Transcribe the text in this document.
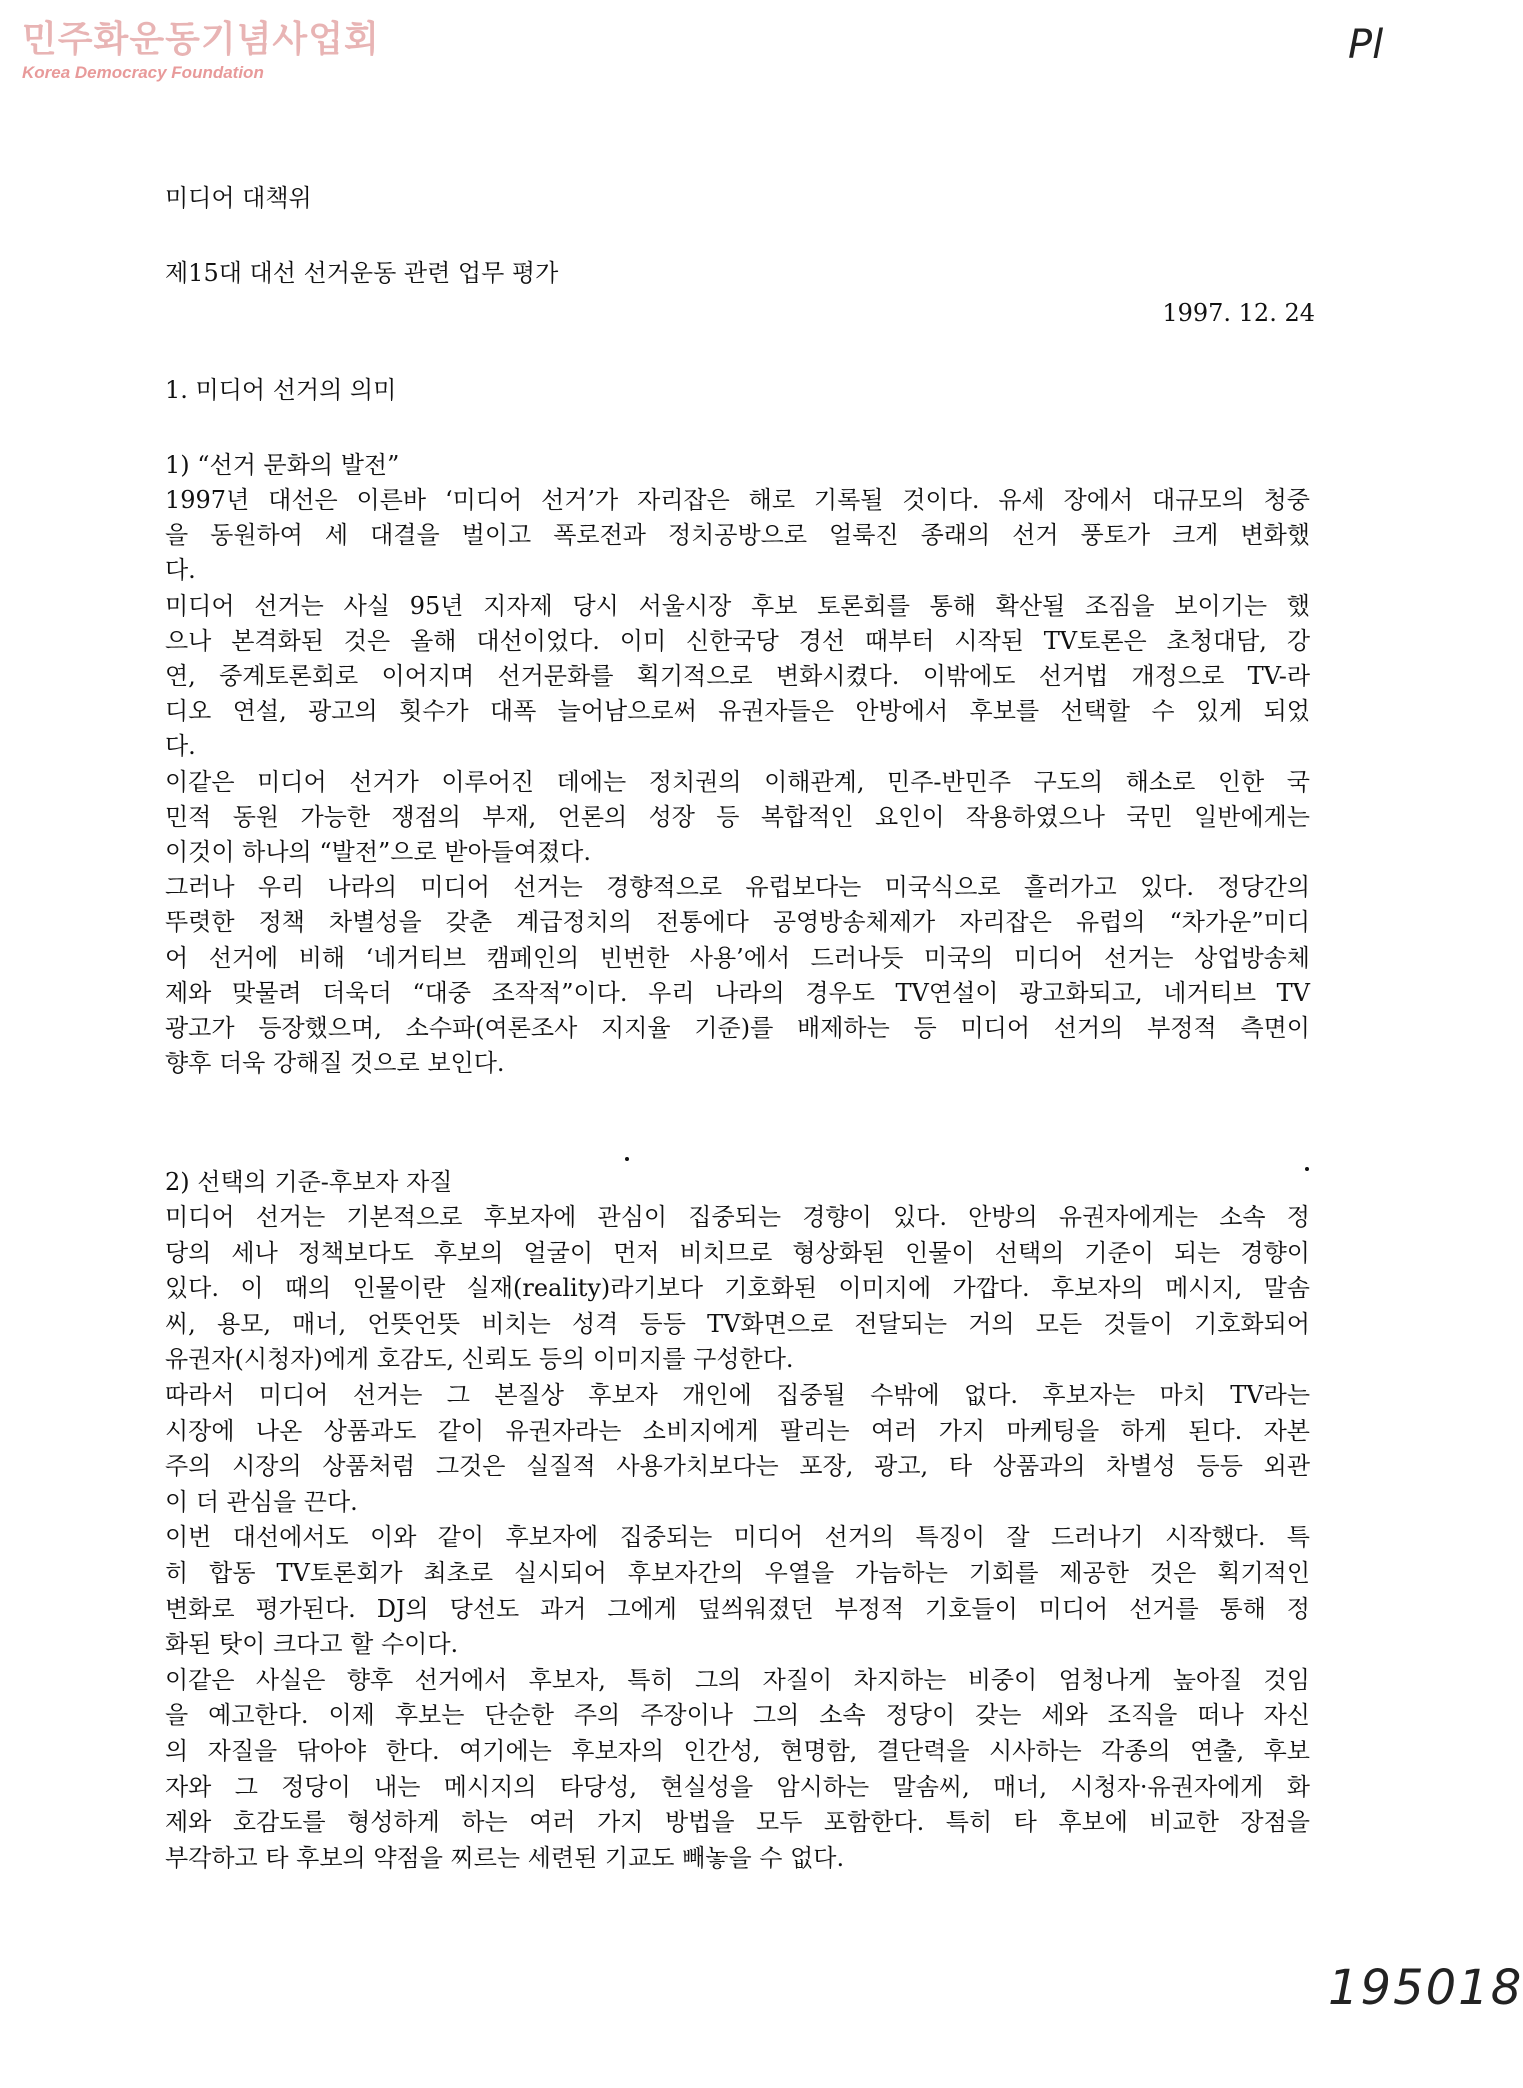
민주화운동기념사업회
Korea Democracy Foundation
Pl
미디어 대책위
제15대 대선 선거운동 관련 업무 평가
1997. 12. 24
1. 미디어 선거의 의미
1) “선거 문화의 발전”
1997년 대선은 이른바 ‘미디어 선거’가 자리잡은 해로 기록될 것이다. 유세 장에서 대규모의 청중
을 동원하여 세 대결을 벌이고 폭로전과 정치공방으로 얼룩진 종래의 선거 풍토가 크게 변화했
다.
미디어 선거는 사실 95년 지자제 당시 서울시장 후보 토론회를 통해 확산될 조짐을 보이기는 했
으나 본격화된 것은 올해 대선이었다. 이미 신한국당 경선 때부터 시작된 TV토론은 초청대담, 강
연, 중계토론회로 이어지며 선거문화를 획기적으로 변화시켰다. 이밖에도 선거법 개정으로 TV-라
디오 연설, 광고의 횟수가 대폭 늘어남으로써 유권자들은 안방에서 후보를 선택할 수 있게 되었
다.
이같은 미디어 선거가 이루어진 데에는 정치권의 이해관계, 민주-반민주 구도의 해소로 인한 국
민적 동원 가능한 쟁점의 부재, 언론의 성장 등 복합적인 요인이 작용하였으나 국민 일반에게는
이것이 하나의 “발전”으로 받아들여졌다.
그러나 우리 나라의 미디어 선거는 경향적으로 유럽보다는 미국식으로 흘러가고 있다. 정당간의
뚜렷한 정책 차별성을 갖춘 계급정치의 전통에다 공영방송체제가 자리잡은 유럽의 “차가운”미디
어 선거에 비해 ‘네거티브 캠페인의 빈번한 사용’에서 드러나듯 미국의 미디어 선거는 상업방송체
제와 맞물려 더욱더 “대중 조작적”이다. 우리 나라의 경우도 TV연설이 광고화되고, 네거티브 TV
광고가 등장했으며, 소수파(여론조사 지지율 기준)를 배제하는 등 미디어 선거의 부정적 측면이
향후 더욱 강해질 것으로 보인다.
2) 선택의 기준-후보자 자질
미디어 선거는 기본적으로 후보자에 관심이 집중되는 경향이 있다. 안방의 유권자에게는 소속 정
당의 세나 정책보다도 후보의 얼굴이 먼저 비치므로 형상화된 인물이 선택의 기준이 되는 경향이
있다. 이 때의 인물이란 실재(reality)라기보다 기호화된 이미지에 가깝다. 후보자의 메시지, 말솜
씨, 용모, 매너, 언뜻언뜻 비치는 성격 등등 TV화면으로 전달되는 거의 모든 것들이 기호화되어
유권자(시청자)에게 호감도, 신뢰도 등의 이미지를 구성한다.
따라서 미디어 선거는 그 본질상 후보자 개인에 집중될 수밖에 없다. 후보자는 마치 TV라는
시장에 나온 상품과도 같이 유권자라는 소비지에게 팔리는 여러 가지 마케팅을 하게 된다. 자본
주의 시장의 상품처럼 그것은 실질적 사용가치보다는 포장, 광고, 타 상품과의 차별성 등등 외관
이 더 관심을 끈다.
이번 대선에서도 이와 같이 후보자에 집중되는 미디어 선거의 특징이 잘 드러나기 시작했다. 특
히 합동 TV토론회가 최초로 실시되어 후보자간의 우열을 가늠하는 기회를 제공한 것은 획기적인
변화로 평가된다. DJ의 당선도 과거 그에게 덮씌워졌던 부정적 기호들이 미디어 선거를 통해 정
화된 탓이 크다고 할 수이다.
이같은 사실은 향후 선거에서 후보자, 특히 그의 자질이 차지하는 비중이 엄청나게 높아질 것임
을 예고한다. 이제 후보는 단순한 주의 주장이나 그의 소속 정당이 갖는 세와 조직을 떠나 자신
의 자질을 닦아야 한다. 여기에는 후보자의 인간성, 현명함, 결단력을 시사하는 각종의 연출, 후보
자와 그 정당이 내는 메시지의 타당성, 현실성을 암시하는 말솜씨, 매너, 시청자·유권자에게 화
제와 호감도를 형성하게 하는 여러 가지 방법을 모두 포함한다. 특히 타 후보에 비교한 장점을
부각하고 타 후보의 약점을 찌르는 세련된 기교도 빼놓을 수 없다.
195018
